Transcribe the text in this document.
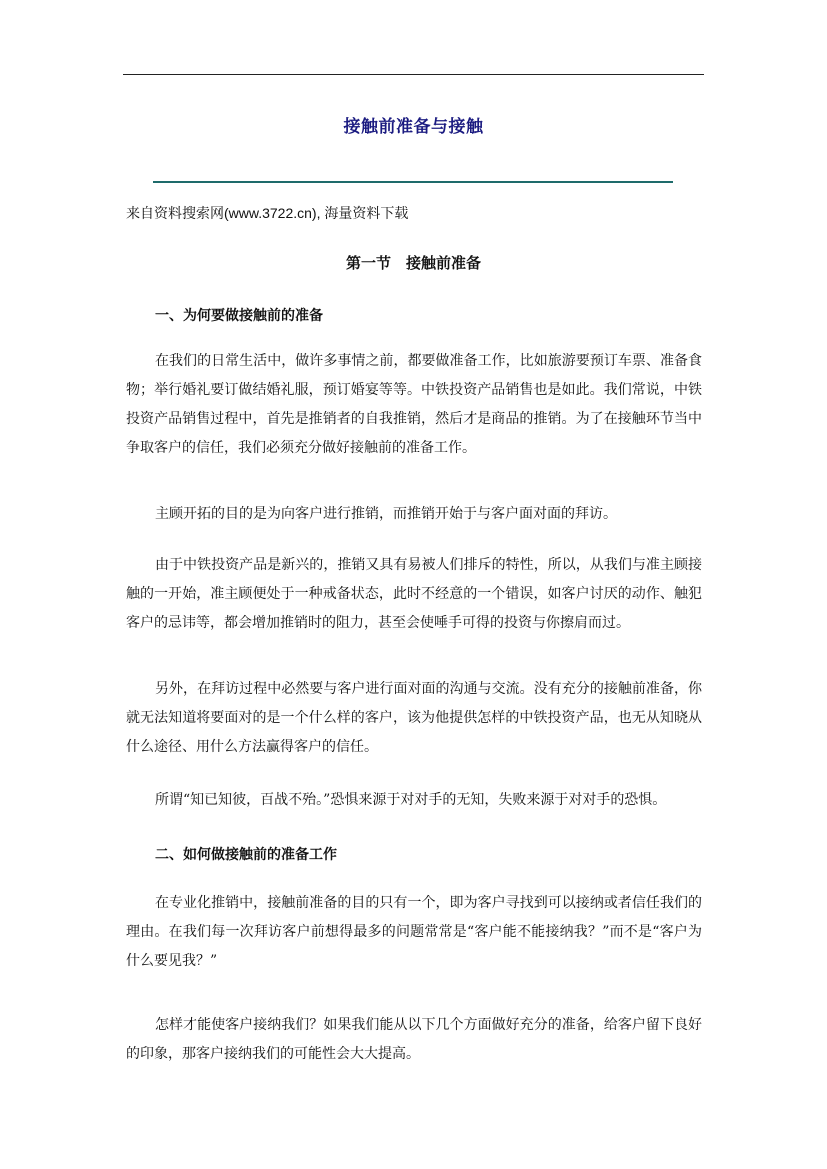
接触前准备与接触
来自资料搜索网(www.3722.cn), 海量资料下载
第一节　接触前准备
一、为何要做接触前的准备

在我们的日常生活中，做许多事情之前，都要做准备工作，比如旅游要预订车票、准备食物；举行婚礼要订做结婚礼服，预订婚宴等等。中铁投资产品销售也是如此。我们常说，中铁投资产品销售过程中，首先是推销者的自我推销，然后才是商品的推销。为了在接触环节当中争取客户的信任，我们必须充分做好接触前的准备工作。

主顾开拓的目的是为向客户进行推销，而推销开始于与客户面对面的拜访。

由于中铁投资产品是新兴的，推销又具有易被人们排斥的特性，所以，从我们与准主顾接触的一开始，准主顾便处于一种戒备状态，此时不经意的一个错误，如客户讨厌的动作、触犯客户的忌讳等，都会增加推销时的阻力，甚至会使唾手可得的投资与你擦肩而过。

另外，在拜访过程中必然要与客户进行面对面的沟通与交流。没有充分的接触前准备，你就无法知道将要面对的是一个什么样的客户，该为他提供怎样的中铁投资产品，也无从知晓从什么途径、用什么方法赢得客户的信任。

所谓“知已知彼，百战不殆。”恐惧来源于对对手的无知，失败来源于对对手的恐惧。

二、如何做接触前的准备工作

在专业化推销中，接触前准备的目的只有一个，即为客户寻找到可以接纳或者信任我们的理由。在我们每一次拜访客户前想得最多的问题常常是“客户能不能接纳我？”而不是“客户为什么要见我？”

怎样才能使客户接纳我们？如果我们能从以下几个方面做好充分的准备，给客户留下良好的印象，那客户接纳我们的可能性会大大提高。
